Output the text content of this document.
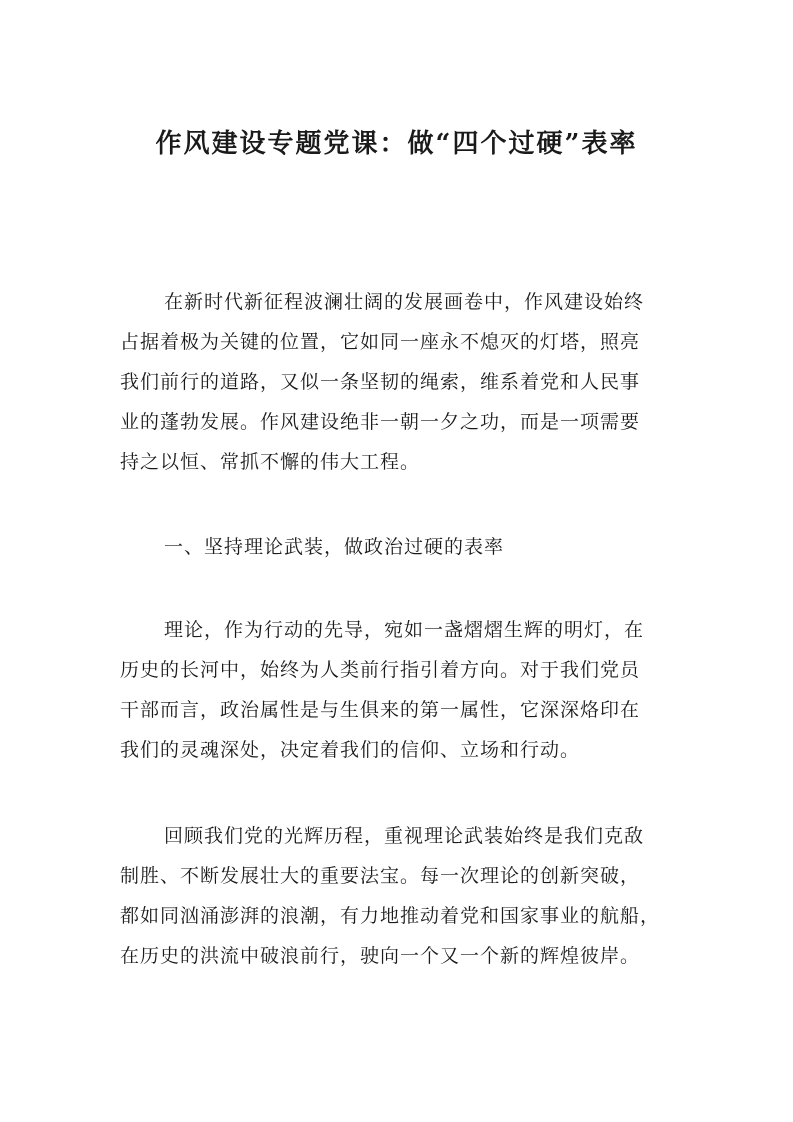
作风建设专题党课：做“四个过硬”表率
在新时代新征程波澜壮阔的发展画卷中，作风建设始终
占据着极为关键的位置，它如同一座永不熄灭的灯塔，照亮
我们前行的道路，又似一条坚韧的绳索，维系着党和人民事
业的蓬勃发展。作风建设绝非一朝一夕之功，而是一项需要
持之以恒、常抓不懈的伟大工程。
一、坚持理论武装，做政治过硬的表率
理论，作为行动的先导，宛如一盏熠熠生辉的明灯，在
历史的长河中，始终为人类前行指引着方向。对于我们党员
干部而言，政治属性是与生俱来的第一属性，它深深烙印在
我们的灵魂深处，决定着我们的信仰、立场和行动。
回顾我们党的光辉历程，重视理论武装始终是我们克敌
制胜、不断发展壮大的重要法宝。每一次理论的创新突破，
都如同汹涌澎湃的浪潮，有力地推动着党和国家事业的航船，
在历史的洪流中破浪前行，驶向一个又一个新的辉煌彼岸。
